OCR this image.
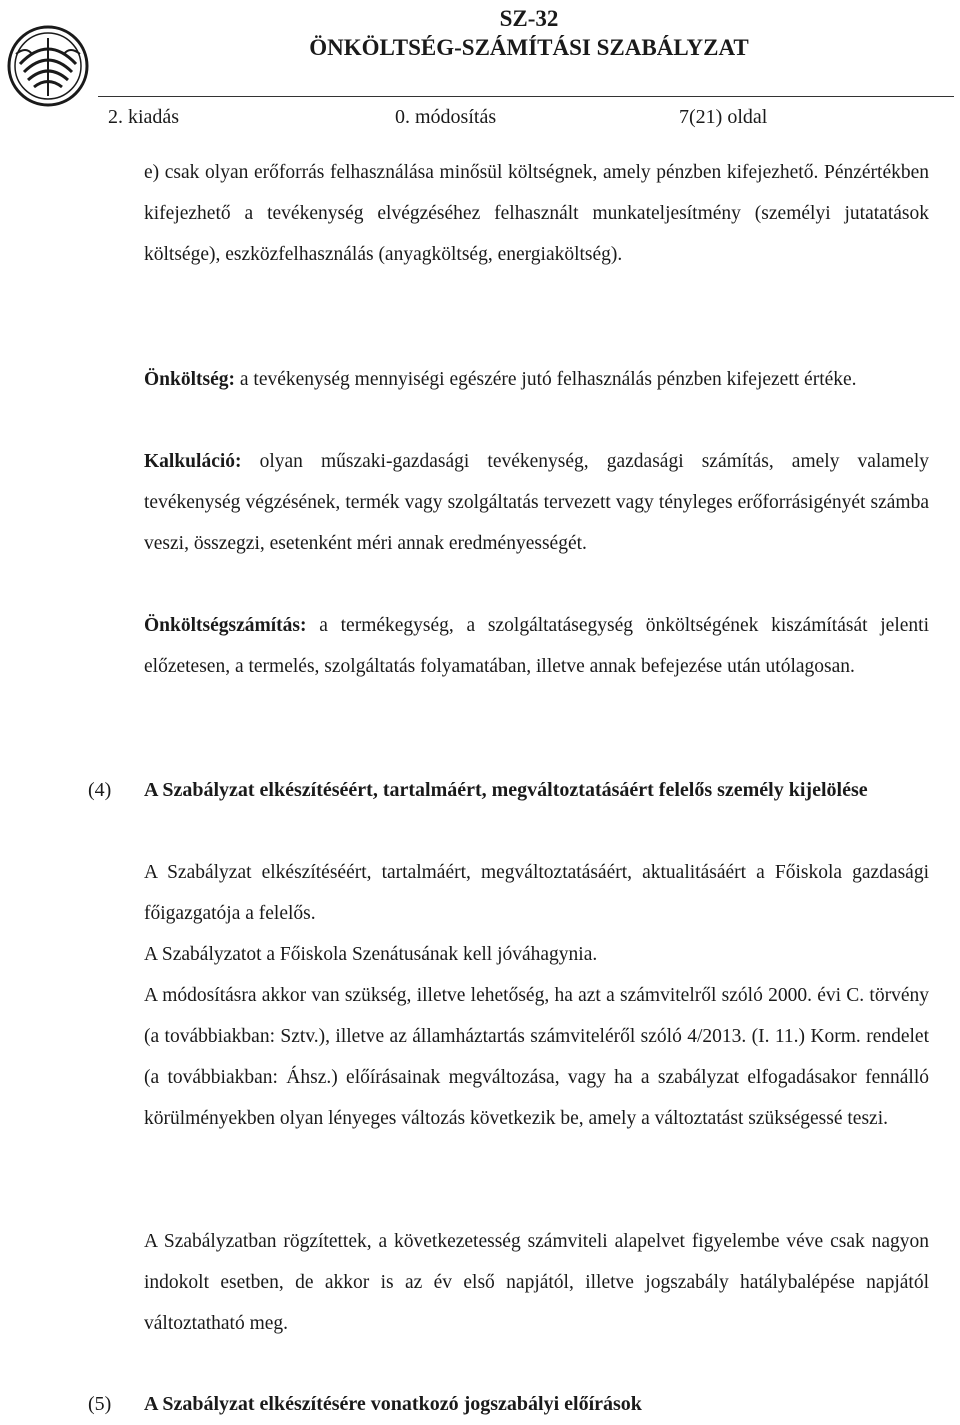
SZ-32
ÖNKÖLTSÉG-SZÁMÍTÁSI SZABÁLYZAT
2. kiadás	0. módosítás	7(21) oldal
e) csak olyan erőforrás felhasználása minősül költségnek, amely pénzben kifejezhető. Pénzértékben kifejezhető a tevékenység elvégzéséhez felhasznált munkateljesítmény (személyi jutatatások költsége), eszközfelhasználás (anyagköltség, energiaköltség).
Önköltség: a tevékenység mennyiségi egészére jutó felhasználás pénzben kifejezett értéke.
Kalkuláció: olyan műszaki-gazdasági tevékenység, gazdasági számítás, amely valamely tevékenység végzésének, termék vagy szolgáltatás tervezett vagy tényleges erőforrásigényét számba veszi, összegzi, esetenként méri annak eredményességét.
Önköltségszámítás: a termékegység, a szolgáltatásegység önköltségének kiszámítását jelenti előzetesen, a termelés, szolgáltatás folyamatában, illetve annak befejezése után utólagosan.
(4) A Szabályzat elkészítéséért, tartalmáért, megváltoztatásáért felelős személy kijelölése
A Szabályzat elkészítéséért, tartalmáért, megváltoztatásáért, aktualitásáért a Főiskola gazdasági főigazgatója a felelős.
A Szabályzatot a Főiskola Szenátusának kell jóváhagynia.
A módosításra akkor van szükség, illetve lehetőség, ha azt a számvitelről szóló 2000. évi C. törvény (a továbbiakban: Sztv.), illetve az államháztartás számviteléről szóló 4/2013. (I. 11.) Korm. rendelet (a továbbiakban: Áhsz.) előírásainak megváltozása, vagy ha a szabályzat elfogadásakor fennálló körülményekben olyan lényeges változás következik be, amely a változtatást szükségessé teszi.
A Szabályzatban rögzítettek, a következetesség számviteli alapelvet figyelembe véve csak nagyon indokolt esetben, de akkor is az év első napjától, illetve jogszabály hatálybalépése napjától változtatható meg.
(5) A Szabályzat elkészítésére vonatkozó jogszabályi előírások
